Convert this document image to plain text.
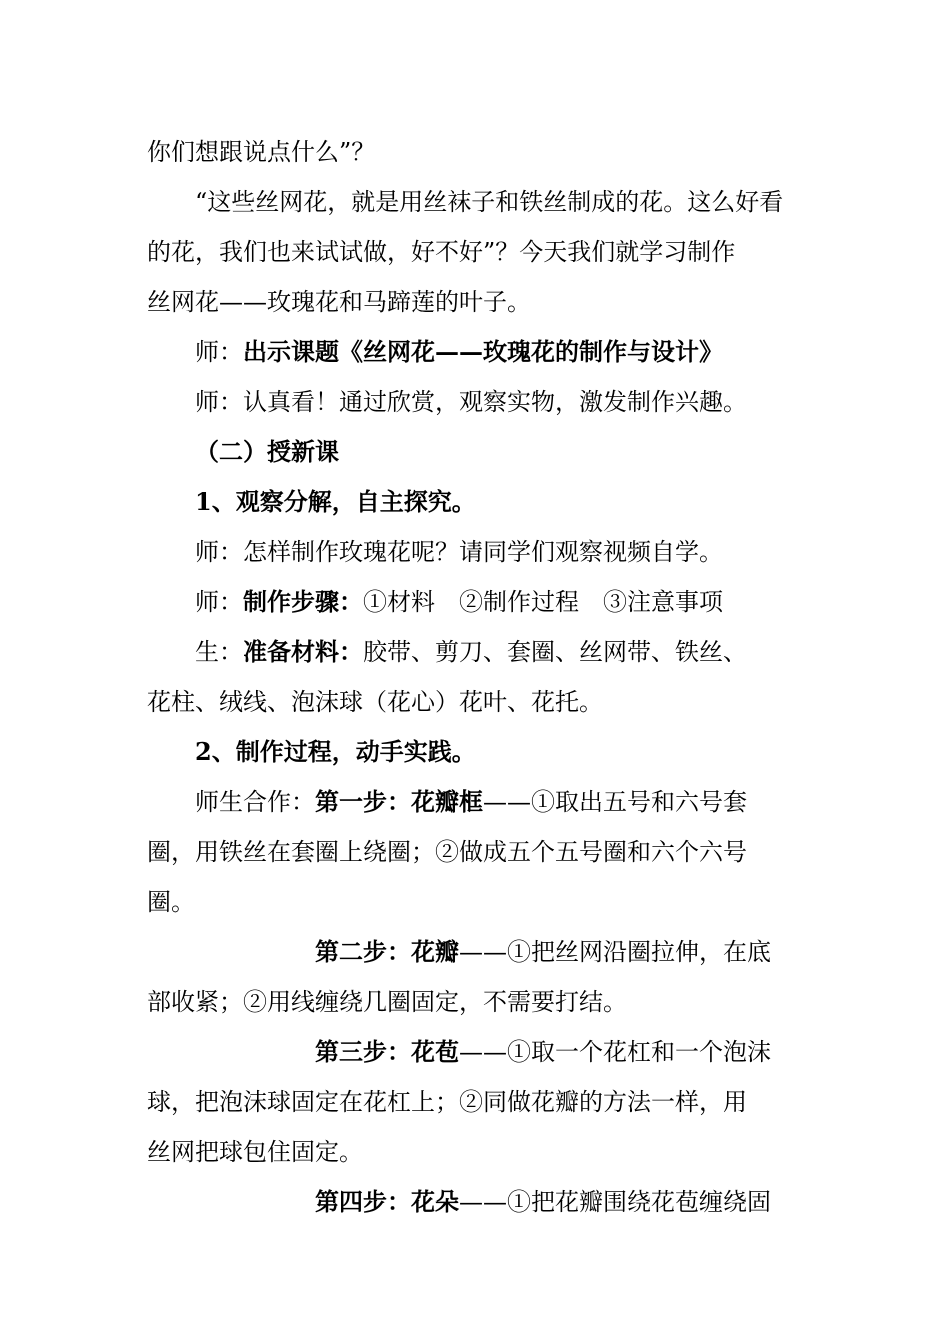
你们想跟说点什么”？
“这些丝网花，就是用丝袜子和铁丝制成的花。这么好看
的花，我们也来试试做，好不好”？今天我们就学习制作
丝网花——玫瑰花和马蹄莲的叶子。
师：出示课题《丝网花——玫瑰花的制作与设计》
师：认真看！通过欣赏，观察实物，激发制作兴趣。
（二）授新课
1、观察分解，自主探究。
师：怎样制作玫瑰花呢？请同学们观察视频自学。
师：制作步骤：①材料　②制作过程　③注意事项
生：准备材料：胶带、剪刀、套圈、丝网带、铁丝、
花柱、绒线、泡沫球（花心）花叶、花托。
2、制作过程，动手实践。
师生合作：第一步：花瓣框——①取出五号和六号套
圈，用铁丝在套圈上绕圈；②做成五个五号圈和六个六号
圈。
第二步：花瓣——①把丝网沿圈拉伸，在底
部收紧；②用线缠绕几圈固定，不需要打结。
第三步：花苞——①取一个花杠和一个泡沫
球，把泡沫球固定在花杠上；②同做花瓣的方法一样，用
丝网把球包住固定。
第四步：花朵——①把花瓣围绕花苞缠绕固
